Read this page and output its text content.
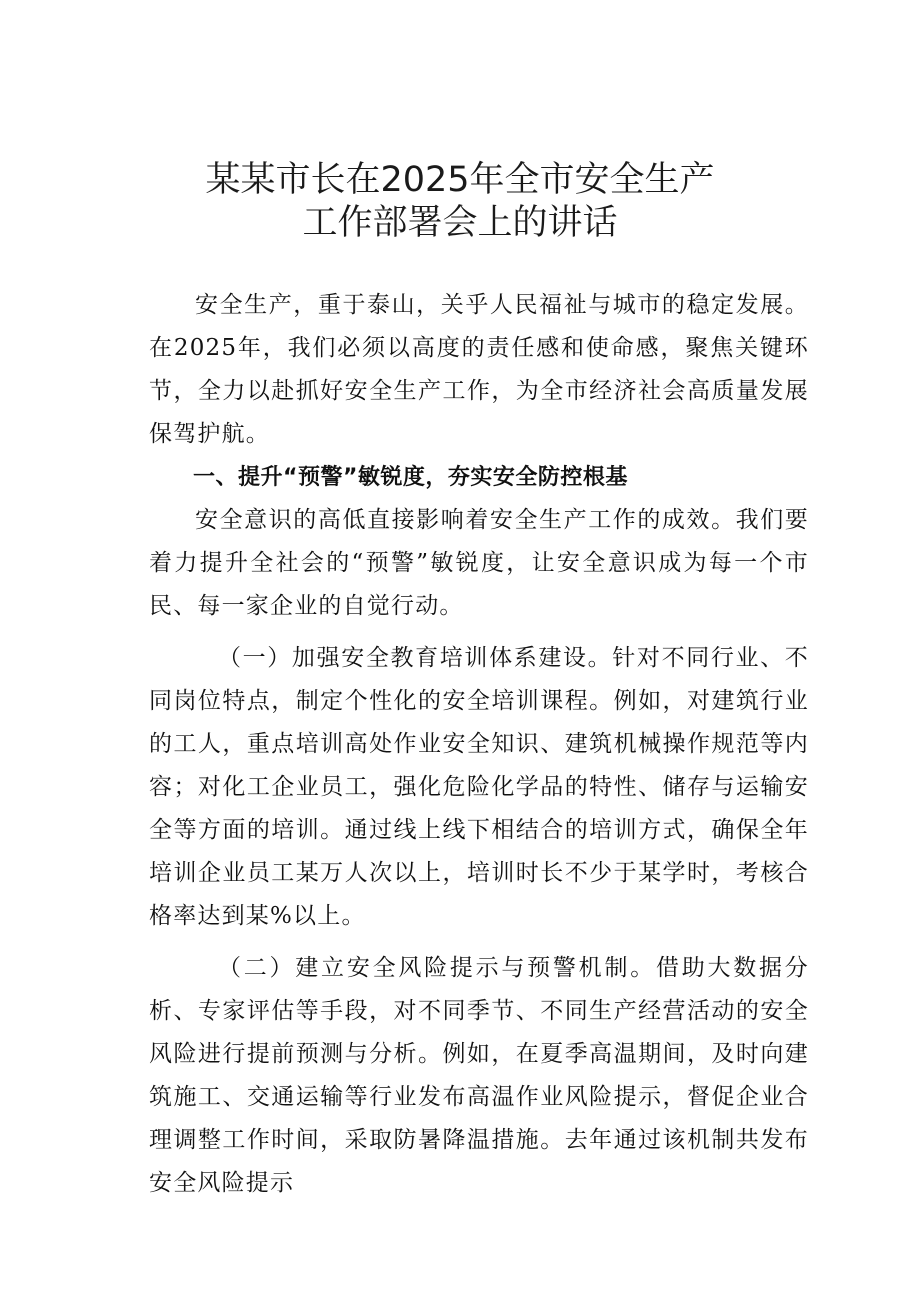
某某市长在2025年全市安全生产
工作部署会上的讲话

安全生产，重于泰山，关乎人民福祉与城市的稳定发展。在2025年，我们必须以高度的责任感和使命感，聚焦关键环节，全力以赴抓好安全生产工作，为全市经济社会高质量发展保驾护航。

一、提升“预警”敏锐度，夯实安全防控根基

安全意识的高低直接影响着安全生产工作的成效。我们要着力提升全社会的“预警”敏锐度，让安全意识成为每一个市民、每一家企业的自觉行动。

（一）加强安全教育培训体系建设。针对不同行业、不同岗位特点，制定个性化的安全培训课程。例如，对建筑行业的工人，重点培训高处作业安全知识、建筑机械操作规范等内容；对化工企业员工，强化危险化学品的特性、储存与运输安全等方面的培训。通过线上线下相结合的培训方式，确保全年培训企业员工某万人次以上，培训时长不少于某学时，考核合格率达到某%以上。

（二）建立安全风险提示与预警机制。借助大数据分析、专家评估等手段，对不同季节、不同生产经营活动的安全风险进行提前预测与分析。例如，在夏季高温期间，及时向建筑施工、交通运输等行业发布高温作业风险提示，督促企业合理调整工作时间，采取防暑降温措施。去年通过该机制共发布安全风险提示
